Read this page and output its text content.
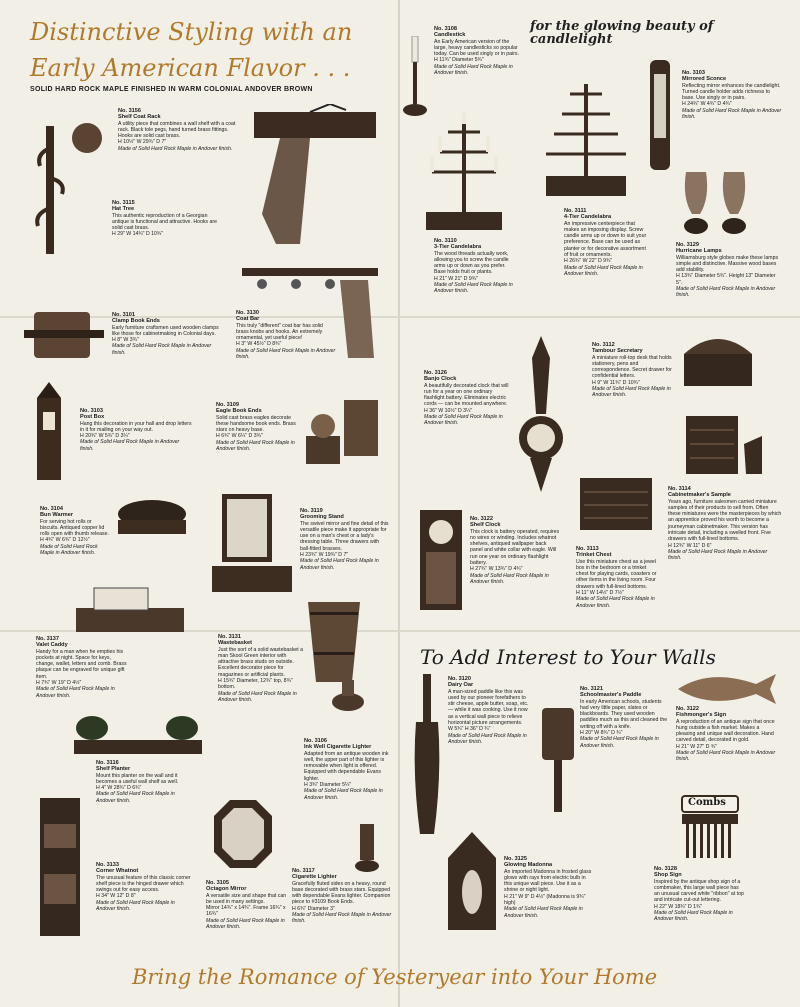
Distinctive Styling with an
Early American Flavor . . .
SOLID HARD ROCK MAPLE FINISHED IN WARM COLONIAL ANDOVER BROWN
for the glowing beauty of candlelight
To Add Interest to Your Walls
Bring the Romance of Yesteryear into Your Home
Combs
No. 3156
Shelf Coat Rack
A utility piece that combines a wall shelf with a coat rack. Black tole pegs, hand turned brass fittings. Hooks are solid cast brass.
H 10½" W 29¾" D 7"
Made of Solid Hard Rock Maple in Andover finish.
No. 3115
Hat Tree
This authentic reproduction of a Georgian antique is functional and attractive. Hooks are solid cast brass.
H 29" W 14¾" D 10¾"
No. 3101
Clamp Book Ends
Early furniture craftsmen used wooden clamps like those for cabinetmaking in Colonial days.
H 8" W 3¾"
Made of Solid Hard Rock Maple in Andover finish.
No. 3130
Coat Bar
This truly "different" coat bar has solid brass knobs and hooks. An extremely ornamental, yet useful piece!
H 3" W 45½" D 8¾"
Made of Solid Hard Rock Maple in Andover finish.
No. 3103
Post Box
Hang this decoration in your hall and drop letters in it for mailing on your way out.
H 20¾" W 5¾" D 3¼"
Made of Solid Hard Rock Maple in Andover finish.
No. 3109
Eagle Book Ends
Solid cast brass eagles decorate these handsome book ends. Brass stars on heavy base.
H 6¾" W 6¼" D 3¾"
Made of Solid Hard Rock Maple in Andover finish.
No. 3104
Bun Warmer
For serving hot rolls or biscuits. Antiqued copper lid rolls open with thumb release.
H 4¾" W 6¾" D 12½"
Made of Solid Hard Rock Maple in Andover finish.
No. 3119
Grooming Stand
The swivel mirror and fine detail of this versatile piece make it appropriate for use on a man's chest or a lady's dressing table. Three drawers with ball-fitted brasses.
H 23¾" W 19¾" D 7"
Made of Solid Hard Rock Maple in Andover finish.
No. 3137
Valet Caddy
Handy for a man when he empties his pockets at night. Space for keys, change, wallet, letters and comb. Brass plaque can be engraved for unique gift item.
H 7¾" W 19" D 4½"
Made of Solid Hard Rock Maple in Andover finish.
No. 3131
Wastebasket
Just the sort of a solid wastebasket a man Skool Green interior with attractive brass studs on outside. Excellent decorator piece for magazines or artificial plants.
H 15¾" Diameter, 12¾" top, 8¾" bottom.
Made of Solid Hard Rock Maple in Andover finish.
No. 3116
Shelf Planter
Mount this planter on the wall and it becomes a useful wall shelf as well.
H 4" W 28¾" D 6¾"
Made of Solid Hard Rock Maple in Andover finish.
No. 3106
Ink Well Cigarette Lighter
Adapted from an antique wooden ink well, the upper part of this lighter is removable when light is offered. Equipped with dependable Evans lighter.
H 3¾" Diameter 5¼"
Made of Solid Hard Rock Maple in Andover finish.
No. 3133
Corner Whatnot
The unusual feature of this classic corner shelf piece is the hinged drawer which swings out for easy access.
H 34" W 12" D 8"
Made of Solid Hard Rock Maple in Andover finish.
No. 3105
Octagon Mirror
A versatile size and shape that can be used in many settings.
Mirror 14¾" x 14¾". Frame 16¾" x 16¾"
Made of Solid Hard Rock Maple in Andover finish.
No. 3117
Cigarette Lighter
Gracefully fluted sides on a heavy, round base decorated with brass stars. Equipped with dependable Evans lighter. Companion piece to #3109 Book Ends.
H 6¾" Diameter 3"
Made of Solid Hard Rock Maple in Andover finish.
No. 3108
Candlestick
An Early American version of the large, heavy candlesticks so popular today. Can be used singly or in pairs.
H 11¾" Diameter 5¾"
Made of Solid Hard Rock Maple in Andover finish.	No. 3103
Mirrored Sconce
Reflecting mirror enhances the candlelight. Turned candle holder adds richness to base. Use singly or in pairs.
H 24¾" W 4¾" D 4¾"
Made of Solid Hard Rock Maple in Andover finish.
No. 3110
3-Tier Candelabra
The wood threads actually work, allowing you to screw the candle arms up or down as you prefer. Base holds fruit or plants.
H 21" W 21" D 9¾"
Made of Solid Hard Rock Maple in Andover finish.
No. 3111
4-Tier Candelabra
An impressive centerpiece that makes an imposing display. Screw candle arms up or down to suit your preference. Base can be used as planter or for decorative assortment of fruit or ornaments.
H 26¾" W 22" D 9¾"
Made of Solid Hard Rock Maple in Andover finish.
No. 3129
Hurricane Lamps
Williamsburg style globes make these lamps simple and distinctive. Massive wood bases add stability.
H 13¾" Diameter 5¾". Height 13" Diameter 5".
Made of Solid Hard Rock Maple in Andover finish.
No. 3126
Banjo Clock
A beautifully decorated clock that will run for a year on one ordinary flashlight battery. Eliminates electric cords — can be mounted anywhere.
H 36" W 10½" D 3¼"
Made of Solid Hard Rock Maple in Andover finish.
No. 3112
Tambour Secretary
A miniature roll-top desk that holds stationery, pens and correspondence. Secret drawer for confidential letters.
H 9" W 11¾" D 10¾"
Made of Solid Hard Rock Maple in Andover finish.
No. 3122
Shelf Clock
This clock is battery operated, requires no wires or winding. Includes whatnot shelves, antiqued wallpaper back panel and white collar with eagle. Will run one year on ordinary flashlight battery.
H 27¾" W 13¾" D 4¾"
Made of Solid Hard Rock Maple in Andover finish.
No. 3113
Trinket Chest
Use this miniature chest as a jewel box in the bedroom or a trinket chest for playing cards, coasters or other items in the living room. Four drawers with full-lined bottoms.
H 11" W 14½" D 7½"
Made of Solid Hard Rock Maple in Andover finish.
No. 3114
Cabinetmaker's Sample
Years ago, furniture salesmen carried miniature samples of their products to sell from. Often these miniatures were the masterpieces by which an apprentice proved his worth to become a journeyman cabinetmaker. This version has intricate detail, including a swelled front. Five drawers with full-lined bottoms.
H 12¾" W 11" D 6"
Made of Solid Hard Rock Maple in Andover finish.
No. 3120
Dairy Oar
A man-sized paddle like this was used by our pioneer forefathers to stir cheese, apple butter, soap, etc. — while it was cooking. Use it now as a vertical wall piece to relieve horizontal picture arrangements.
W 5¾" H 36" D ¾"
Made of Solid Hard Rock Maple in Andover finish.
No. 3121
Schoolmaster's Paddle
In early American schools, students had very little paper, slates or blackboards. They used wooden paddles much as this and cleaned the writing off with a knife.
H 20" W 8¾" D ¾"
Made of Solid Hard Rock Maple in Andover finish.
No. 3122
Fishmonger's Sign
A reproduction of an antique sign that once hung outside a fish market. Makes a pleasing and unique wall decoration. Hand carved detail, decorated in gold.
H 21" W 27" D ¾"
Made of Solid Hard Rock Maple in Andover finish.
No. 3125
Glowing Madonna
An imported Madonna in frosted glass glows with rays from electric bulb in this unique wall piece. Use it as a shrine or night light.
H 21" W 9" D 4½" (Madonna is 9¾" high)
Made of Solid Hard Rock Maple in Andover finish.
No. 3128
Shop Sign
Inspired by the antique shop sign of a combmaker, this large wall piece has an unusual carved white "ribbon" at top and intricate cut-out lettering.
H 22" W 18¾" D 1¾"
Made of Solid Hard Rock Maple in Andover finish.
